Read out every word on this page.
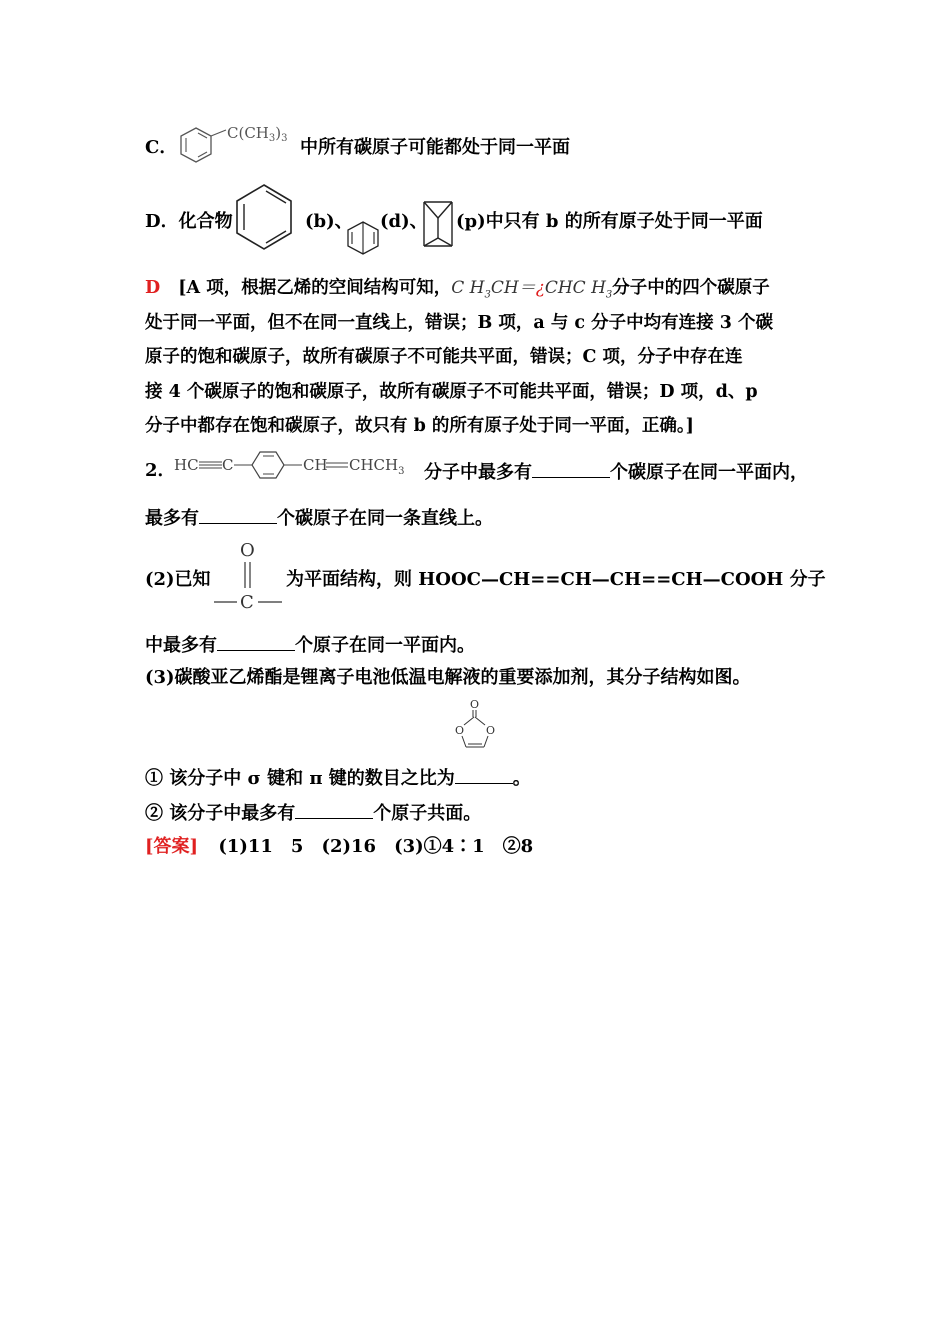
C．
$C(CH_3)_3$ 中所有碳原子可能都处于同一平面
D．化合物	(b)、 (d)、 (p)中只有 b 的所有原子处于同一平面
D [A 项，根据乙烯的空间结构可知，C $H_3CH=¿CHC$ $H_3$分子中的四个碳原子
处于同一平面，但不在同一直线上，错误；B 项，a 与 c 分子中均有连接 3 个碳
原子的饱和碳原子，故所有碳原子不可能共平面，错误；C 项，分子中存在连
接 4 个碳原子的饱和碳原子，故所有碳原子不可能共平面，错误；D 项，d、p
分子中都存在饱和碳原子，故只有 b 的所有原子处于同一平面，正确。]
2．
HC C	CH $CHCH_3$ 分子中最多有	个碳原子在同一平面内，
最多有	个碳原子在同一条直线上。
(2)已知
O
C
为平面结构，则 HOOC—CH==CH—CH==CH—COOH 分子
中最多有	个原子在同一平面内。
(3)碳酸亚乙烯酯是锂离子电池低温电解液的重要添加剂，其分子结构如图。
O
O O
① 该分子中 σ 键和 π 键的数目之比为	。
② 该分子中最多有	个原子共面。
[答案] (1)11　5　(2)16　(3)①4∶1　②8
